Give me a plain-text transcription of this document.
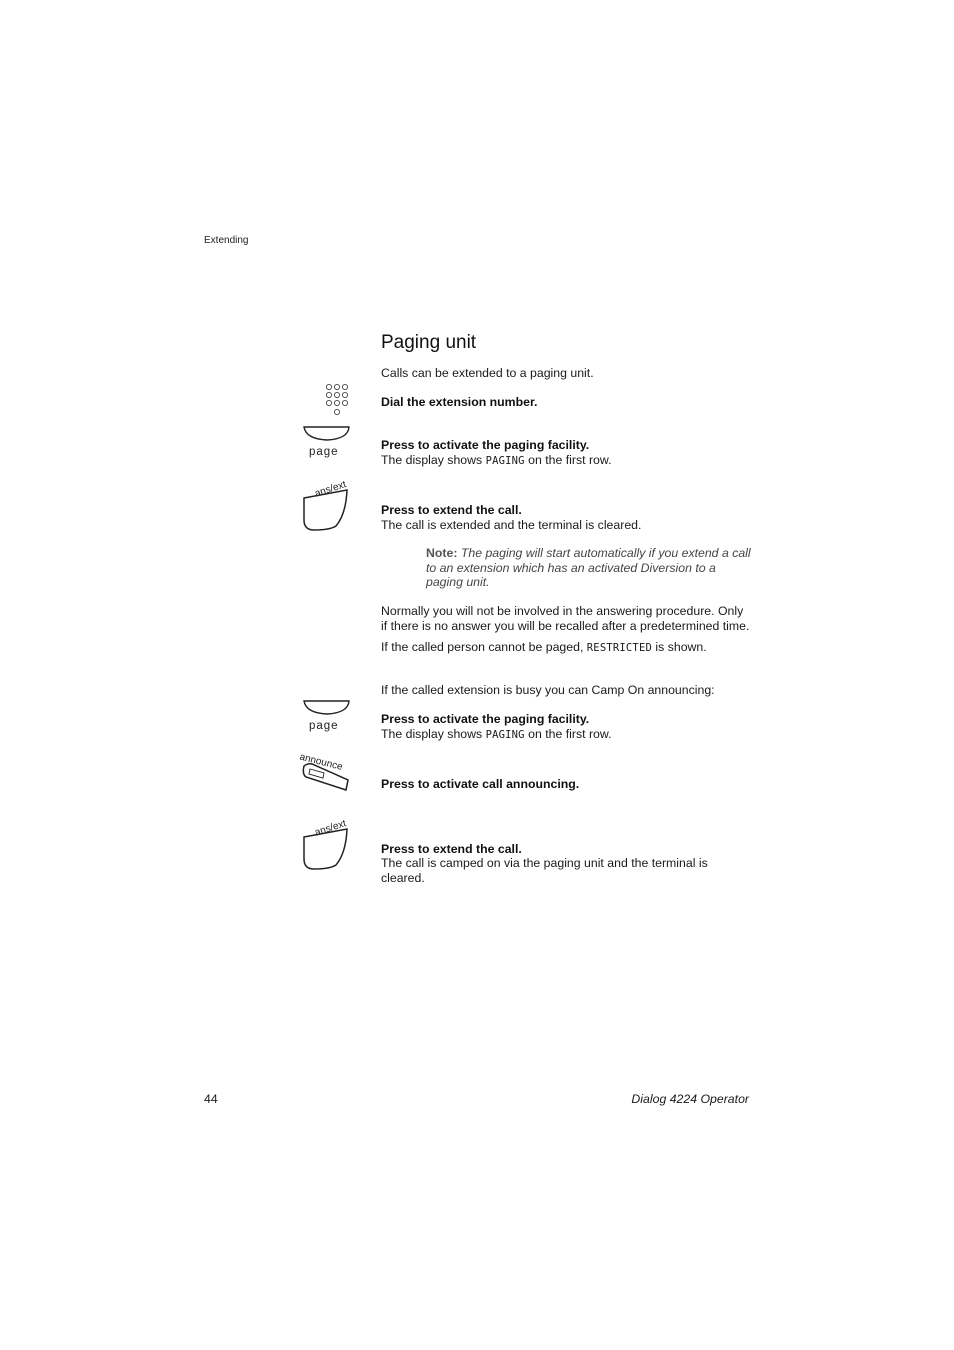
Extending
Paging unit
Calls can be extended to a paging unit.
Dial the extension number.
page	Press to activate the paging facility.
The display shows PAGING on the first row.
ans/ext
Press to extend the call.
The call is extended and the terminal is cleared.
Note: The paging will start automatically if you extend a call
to an extension which has an activated Diversion to a
paging unit.
Normally you will not be involved in the answering procedure. Only
if there is no answer you will be recalled after a predetermined time.
If the called person cannot be paged, RESTRICTED is shown.
If the called extension is busy you can Camp On announcing:
page	Press to activate the paging facility.
The display shows PAGING on the first row.
announce
Press to activate call announcing.
ans/ext
Press to extend the call.
The call is camped on via the paging unit and the terminal is
cleared.
44	Dialog 4224 Operator
